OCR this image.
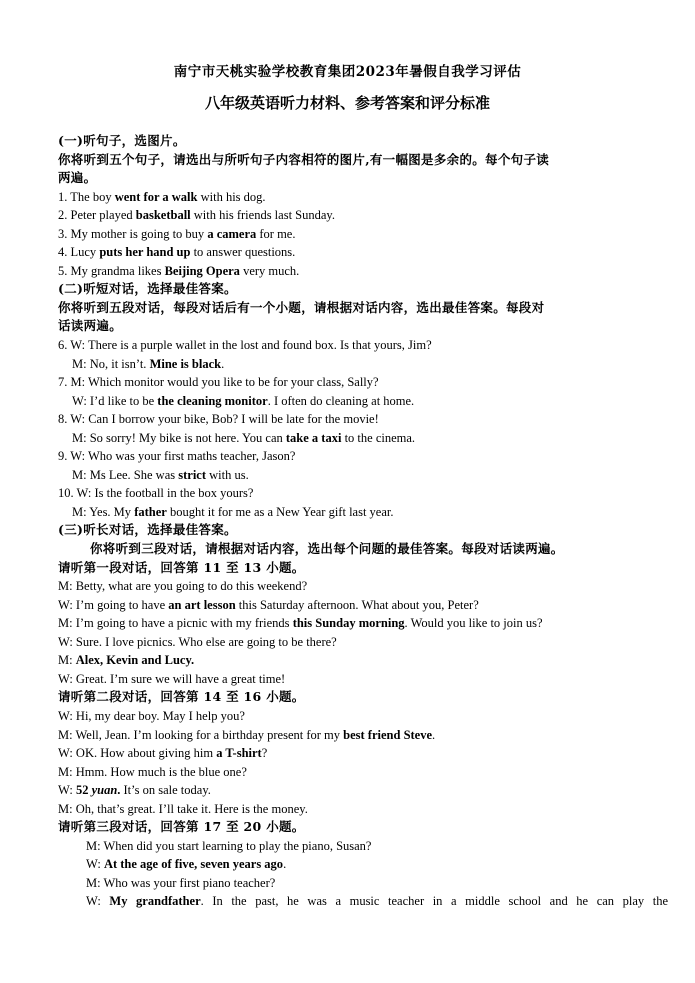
南宁市天桃实验学校教育集团2023年暑假自我学习评估
八年级英语听力材料、参考答案和评分标准
(一)听句子，选图片。
你将听到五个句子，请选出与所听句子内容相符的图片,有一幅图是多余的。每个句子读
两遍。
1. The boy went for a walk with his dog.
2. Peter played basketball with his friends last Sunday.
3. My mother is going to buy a camera for me.
4. Lucy puts her hand up to answer questions.
5. My grandma likes Beijing Opera very much.
(二)听短对话，选择最佳答案。
你将听到五段对话，每段对话后有一个小题，请根据对话内容，选出最佳答案。每段对
话读两遍。
6. W: There is a purple wallet in the lost and found box. Is that yours, Jim?
M: No, it isn’t. Mine is black.
7. M: Which monitor would you like to be for your class, Sally?
W: I’d like to be the cleaning monitor. I often do cleaning at home.
8. W: Can I borrow your bike, Bob? I will be late for the movie!
M: So sorry! My bike is not here. You can take a taxi to the cinema.
9. W: Who was your first maths teacher, Jason?
M: Ms Lee. She was strict with us.
10. W: Is the football in the box yours?
M: Yes. My father bought it for me as a New Year gift last year.
(三)听长对话，选择最佳答案。
你将听到三段对话，请根据对话内容，选出每个问题的最佳答案。每段对话读两遍。
请听第一段对话，回答第 11 至 13 小题。
M: Betty, what are you going to do this weekend?
W: I’m going to have an art lesson this Saturday afternoon. What about you, Peter?
M: I’m going to have a picnic with my friends this Sunday morning. Would you like to join us?
W: Sure. I love picnics. Who else are going to be there?
M: Alex, Kevin and Lucy.
W: Great. I’m sure we will have a great time!
请听第二段对话，回答第 14 至 16 小题。
W: Hi, my dear boy. May I help you?
M: Well, Jean. I’m looking for a birthday present for my best friend Steve.
W: OK. How about giving him a T-shirt?
M: Hmm. How much is the blue one?
W: 52 yuan. It’s on sale today.
M: Oh, that’s great. I’ll take it. Here is the money.
请听第三段对话，回答第 17 至 20 小题。
M: When did you start learning to play the piano, Susan?
W: At the age of five, seven years ago.
M: Who was your first piano teacher?
W: My grandfather. In the past, he was a music teacher in a middle school and he can play the
